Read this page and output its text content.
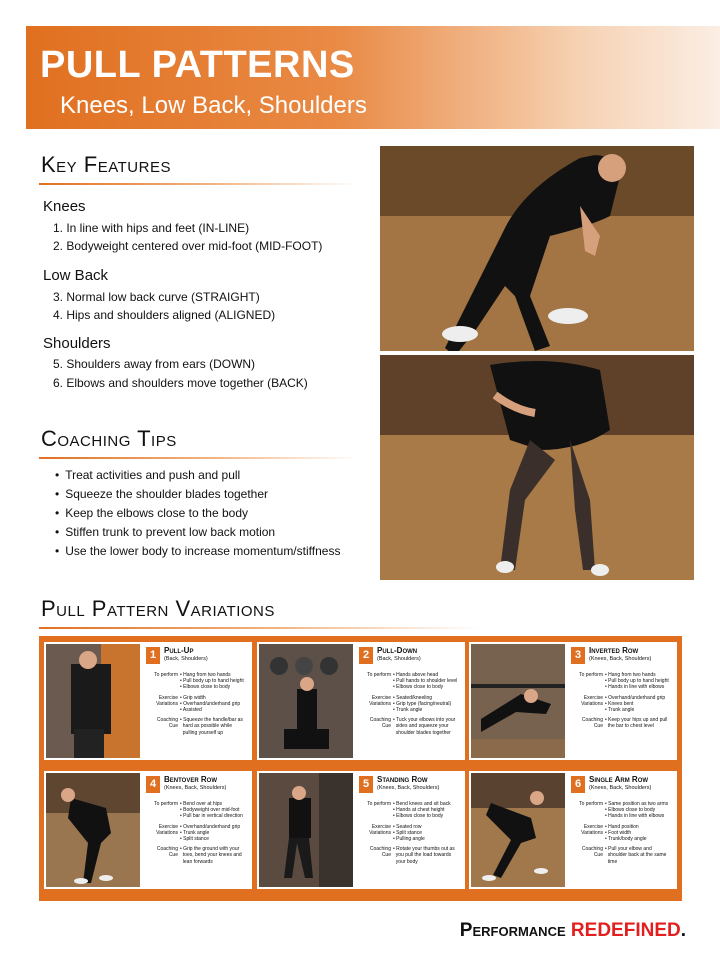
PULL PATTERNS
Knees, Low Back, Shoulders
Key Features
Knees
1. In line with hips and feet (IN-LINE)
2. Bodyweight centered over mid-foot (MID-FOOT)
Low Back
3. Normal low back curve (STRAIGHT)
4. Hips and shoulders aligned (ALIGNED)
Shoulders
5. Shoulders away from ears (DOWN)
6. Elbows and shoulders move together (BACK)
Coaching Tips
• Treat activities and push and pull
• Squeeze the shoulder blades together
• Keep the elbows close to the body
• Stiffen trunk to prevent low back motion
• Use the lower body to increase momentum/stiffness
Pull Pattern Variations
1 Pull-Up
(Back, Shoulders)
To perform • Hang from two hands
• Pull body up to hand height
• Elbows close to body
Exercise
Variations
• Grip width
• Overhand/underhand grip
• Assisted
Coaching
Cue
• Squeeze the handle/bar as
hard as possible while
pulling yourself up
2 Pull-Down
(Back, Shoulders)
To perform • Hands above head
• Pull hands to shoulder level
• Elbows close to body
Exercise
Variations
• Seated/kneeling
• Grip type (facing/neutral)
• Trunk angle
Coaching
Cue
• Tuck your elbows into your
sides and squeeze your
shoulder blades together
3 Inverted Row
(Knees, Back, Shoulders)
To perform • Hang from two hands
• Pull body up to hand height
• Hands in line with elbows
Exercise
Variations
• Overhand/underhand grip
• Knees bent
• Trunk angle
Coaching
Cue
• Keep your hips up and pull
the bar to chest level
4 Bentover Row
(Knees, Back, Shoulders)
To perform • Bend over at hips
• Bodyweight over mid-foot
• Pull bar in vertical direction
Exercise
Variations
• Overhand/underhand grip
• Trunk angle
• Split stance
Coaching
Cue
• Grip the ground with your
toes, bend your knees and
lean forwards
5 Standing Row
(Knees, Back, Shoulders)
To perform • Bend knees and sit back
• Hands at chest height
• Elbows close to body
Exercise
Variations
• Seated row
• Split stance
• Pulling angle
Coaching
Cue
• Rotate your thumbs out as
you pull the load towards
your body
6 Single Arm Row
(Knees, Back, Shoulders)
To perform • Same position as two arms
• Elbows close to body
• Hands in line with elbows
Exercise
Variations
• Hand position
• Foot width
• Trunk/body angle
Coaching
Cue
• Pull your elbow and
shoulder back at the same
time
Performance REDEFINED.
